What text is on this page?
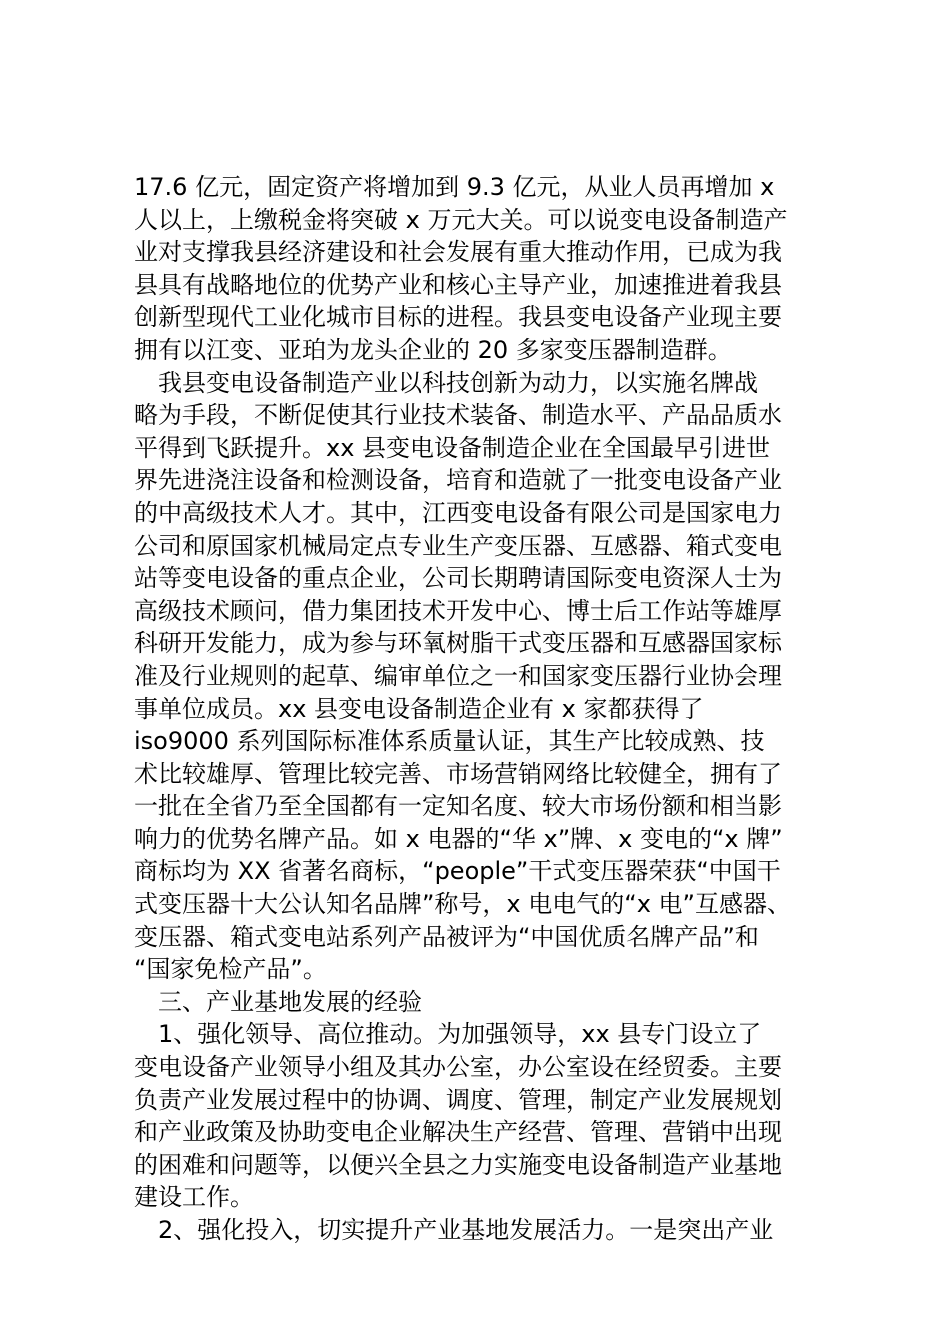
17.6 亿元，固定资产将增加到 9.3 亿元，从业人员再增加 x
人以上，上缴税金将突破 x 万元大关。可以说变电设备制造产
业对支撑我县经济建设和社会发展有重大推动作用，已成为我
县具有战略地位的优势产业和核心主导产业，加速推进着我县
创新型现代工业化城市目标的进程。我县变电设备产业现主要
拥有以江变、亚珀为龙头企业的 20 多家变压器制造群。
　我县变电设备制造产业以科技创新为动力，以实施名牌战
略为手段，不断促使其行业技术装备、制造水平、产品品质水
平得到飞跃提升。xx 县变电设备制造企业在全国最早引进世
界先进浇注设备和检测设备，培育和造就了一批变电设备产业
的中高级技术人才。其中，江西变电设备有限公司是国家电力
公司和原国家机械局定点专业生产变压器、互感器、箱式变电
站等变电设备的重点企业，公司长期聘请国际变电资深人士为
高级技术顾问，借力集团技术开发中心、博士后工作站等雄厚
科研开发能力，成为参与环氧树脂干式变压器和互感器国家标
准及行业规则的起草、编审单位之一和国家变压器行业协会理
事单位成员。xx 县变电设备制造企业有 x 家都获得了
iso9000 系列国际标准体系质量认证，其生产比较成熟、技
术比较雄厚、管理比较完善、市场营销网络比较健全，拥有了
一批在全省乃至全国都有一定知名度、较大市场份额和相当影
响力的优势名牌产品。如 x 电器的“华 x”牌、x 变电的“x 牌”
商标均为 XX 省著名商标，“people”干式变压器荣获“中国干
式变压器十大公认知名品牌”称号，x 电电气的“x 电”互感器、
变压器、箱式变电站系列产品被评为“中国优质名牌产品”和
“国家免检产品”。
　三、产业基地发展的经验
　1、强化领导、高位推动。为加强领导，xx 县专门设立了
变电设备产业领导小组及其办公室，办公室设在经贸委。主要
负责产业发展过程中的协调、调度、管理，制定产业发展规划
和产业政策及协助变电企业解决生产经营、管理、营销中出现
的困难和问题等，以便兴全县之力实施变电设备制造产业基地
建设工作。
　2、强化投入，切实提升产业基地发展活力。一是突出产业
